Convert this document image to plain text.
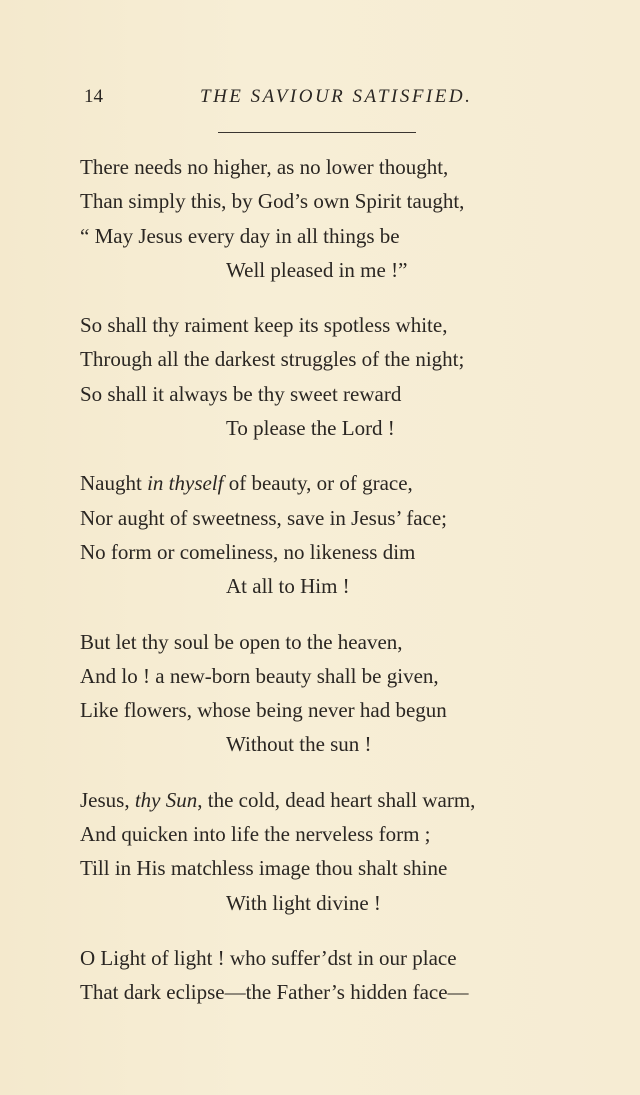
14	THE SAVIOUR SATISFIED.
There needs no higher, as no lower thought,
Than simply this, by God’s own Spirit taught,
“ May Jesus every day in all things be
Well pleased in me !”
So shall thy raiment keep its spotless white,
Through all the darkest struggles of the night;
So shall it always be thy sweet reward
To please the Lord !
Naught in thyself of beauty, or of grace,
Nor aught of sweetness, save in Jesus’ face;
No form or comeliness, no likeness dim
At all to Him !
But let thy soul be open to the heaven,
And lo ! a new-born beauty shall be given,
Like flowers, whose being never had begun
Without the sun !
Jesus, thy Sun, the cold, dead heart shall warm,
And quicken into life the nerveless form ;
Till in His matchless image thou shalt shine
With light divine !
O Light of light ! who suffer’dst in our place
That dark eclipse—the Father’s hidden face—
